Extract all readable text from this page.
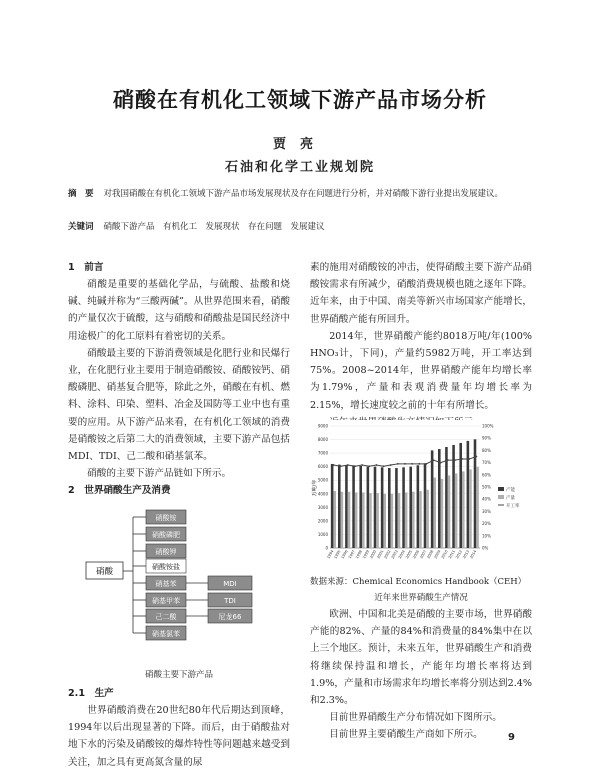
硝酸在有机化工领域下游产品市场分析
贾亮
石油和化学工业规划院
摘　要 对我国硝酸在有机化工领域下游产品市场发展现状及存在问题进行分析，并对硝酸下游行业提出发展建议。
关键词 硝酸下游产品　有机化工　发展现状　存在问题　发展建议
1　前言

硝酸是重要的基础化学品，与硫酸、盐酸和烧碱、纯碱并称为“三酸两碱”。从世界范围来看，硝酸的产量仅次于硫酸，这与硝酸和硝酸盐是国民经济中用途极广的化工原料有着密切的关系。

硝酸最主要的下游消费领域是化肥行业和民爆行业，在化肥行业主要用于制造硝酸铵、硝酸铵钙、硝酸磷肥、硝基复合肥等，除此之外，硝酸在有机、燃料、涂料、印染、塑料、冶金及国防等工业中也有重要的应用。从下游产品来看，在有机化工领域的消费是硝酸铵之后第二大的消费领域，主要下游产品包括MDI、TDI、己二酸和硝基氯苯。

硝酸的主要下游产品链如下所示。

2　世界硝酸生产及消费
硝酸
硝酸铵
硝酸磷肥
硝酸钾
硝酸铵盐
硝基苯
硝基甲苯
己二酸
硝基氯苯
MDI
TDI
尼龙66
硝酸主要下游产品
2.1　生产

世界硝酸消费在20世纪80年代后期达到顶峰，1994年以后出现显著的下降。而后，由于硝酸盐对地下水的污染及硝酸铵的爆炸特性等问题越来越受到关注，加之具有更高氮含量的尿

素的施用对硝酸铵的冲击，使得硝酸主要下游产品硝酸铵需求有所减少，硝酸消费规模也随之逐年下降。近年来，由于中国、南美等新兴市场国家产能增长，世界硝酸产能有所回升。

2014年，世界硝酸产能约8018万吨/年(100% HNO₃计，下同)，产量约5982万吨，开工率达到75%。2008~2014年，世界硝酸产能年均增长率为1.79%，产量和表观消费量年均增长率为2.15%，增长速度较之前的十年有所增长。

0
1000
2000
3000
4000
5000
6000
7000
8000
9000
0%
10%
20%
30%
40%
50%
60%
70%
80%
90%
100%
1994 1995 1996 1997 1998 1999 2000 2001 2002 2003 2004 2005 2006 2007 2008 2009 2010 2011 2012 2013 2014
万吨/年	产能
产量
开工率
数据来源：Chemical Economics Handbook（CEH）
近年来世界硝酸生产情况

欧洲、中国和北美是硝酸的主要市场，世界硝酸产能的82%、产量的84%和消费量的84%集中在以上三个地区。预计，未来五年，世界硝酸生产和消费将继续保持温和增长，产能年均增长率将达到1.9%，产量和市场需求年均增长率将分别达到2.4%和2.3%。

目前世界硝酸生产分布情况如下图所示。

目前世界主要硝酸生产商如下所示。	9
